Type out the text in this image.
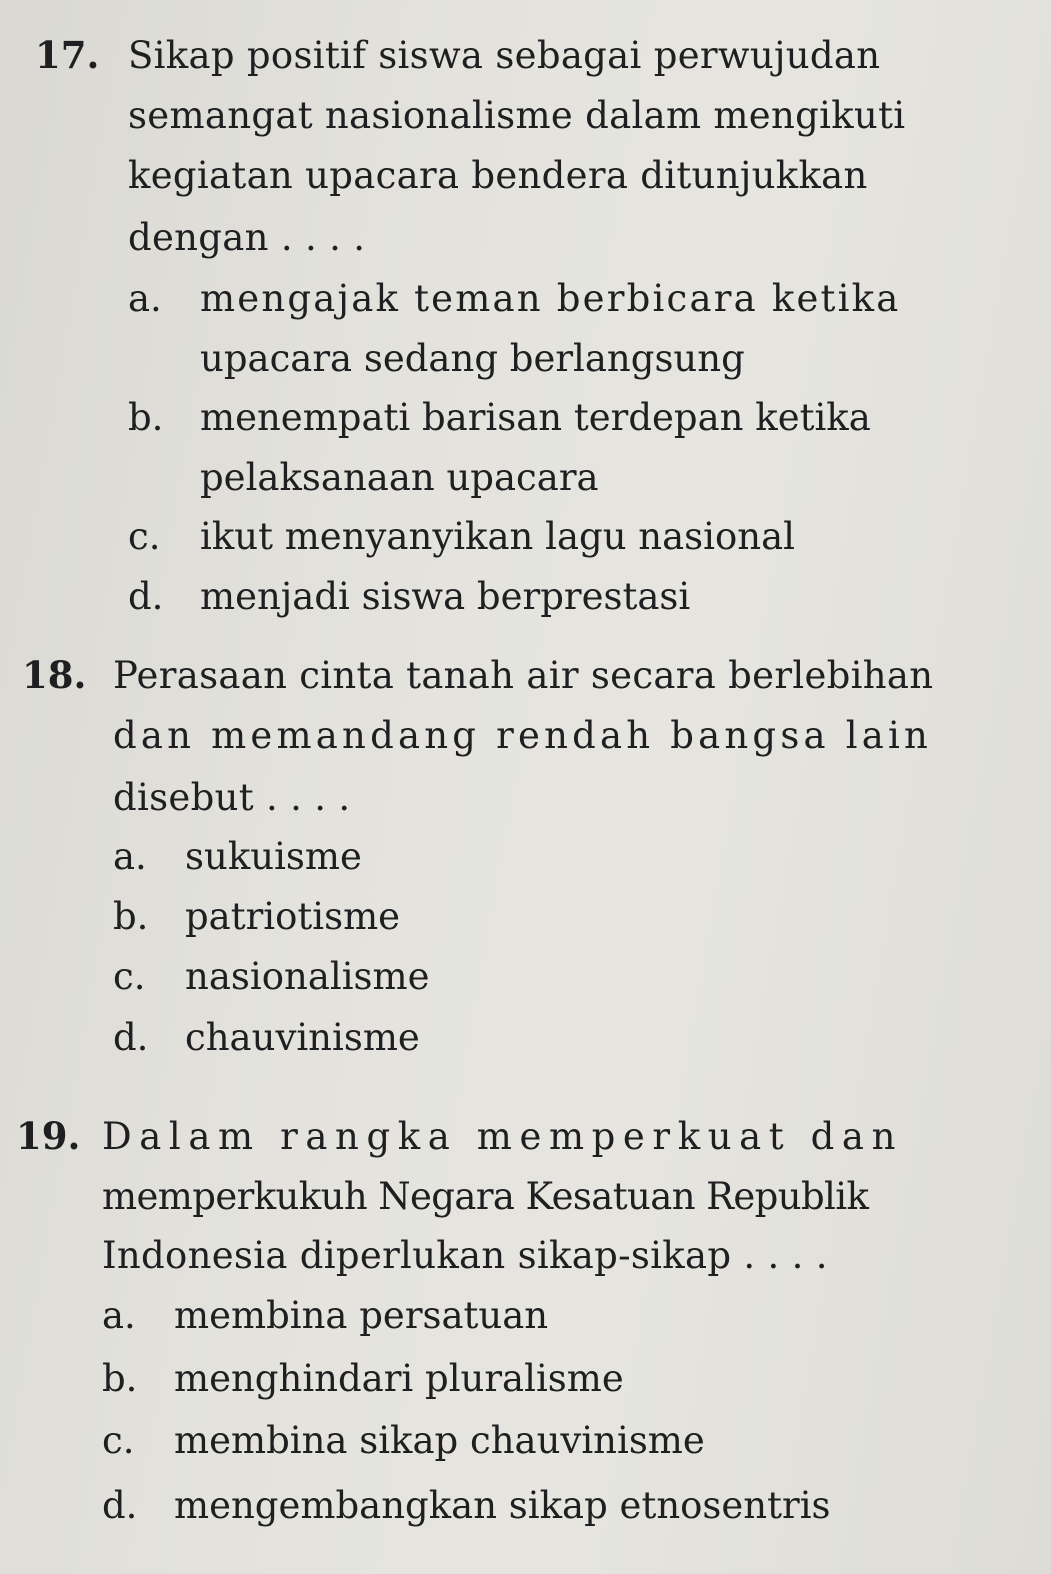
17. Sikap positif siswa sebagai perwujudan
semangat nasionalisme dalam mengikuti
kegiatan upacara bendera ditunjukkan
dengan . . . .
a. mengajak teman berbicara ketika
upacara sedang berlangsung
b. menempati barisan terdepan ketika
pelaksanaan upacara
c. ikut menyanyikan lagu nasional
d. menjadi siswa berprestasi
18. Perasaan cinta tanah air secara berlebihan
dan memandang rendah bangsa lain
disebut . . . .
a. sukuisme
b. patriotisme
c. nasionalisme
d. chauvinisme
19. Dalam rangka memperkuat dan
memperkukuh Negara Kesatuan Republik
Indonesia diperlukan sikap-sikap . . . .
a. membina persatuan
b. menghindari pluralisme
c. membina sikap chauvinisme
d. mengembangkan sikap etnosentris
